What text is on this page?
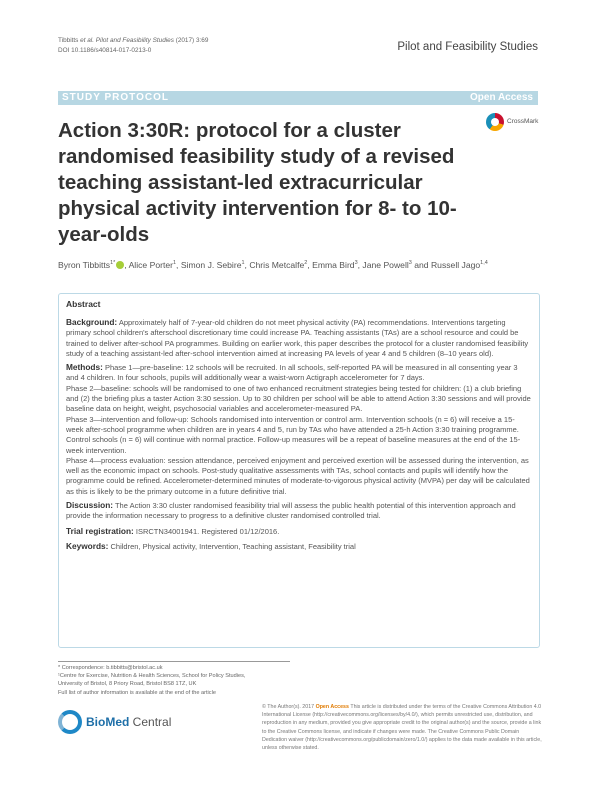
Tibbitts et al. Pilot and Feasibility Studies (2017) 3:69
DOI 10.1186/s40814-017-0213-0	Pilot and Feasibility Studies
STUDY PROTOCOL	Open Access
Action 3:30R: protocol for a cluster randomised feasibility study of a revised teaching assistant-led extracurricular physical activity intervention for 8- to 10-year-olds
CrossMark
Byron Tibbitts$^{1*}$ , Alice Porter$^1$, Simon J. Sebire$^1$, Chris Metcalfe$^2$, Emma Bird$^3$, Jane Powell$^3$ and Russell Jago$^{1,4}$
Abstract

Background: Approximately half of 7-year-old children do not meet physical activity (PA) recommendations. Interventions targeting primary school children's afterschool discretionary time could increase PA. Teaching assistants (TAs) are a school resource and could be trained to deliver after-school PA programmes. Building on earlier work, this paper describes the protocol for a cluster randomised feasibility study of a teaching assistant-led after-school intervention aimed at increasing PA levels of year 4 and 5 children (8–10 years old).

Methods: Phase 1—pre-baseline: 12 schools will be recruited. In all schools, self-reported PA will be measured in all consenting year 3 and 4 children. In four schools, pupils will additionally wear a waist-worn Actigraph accelerometer for 7 days.

Phase 2—baseline: schools will be randomised to one of two enhanced recruitment strategies being tested for children: (1) a club briefing and (2) the briefing plus a taster Action 3:30 session. Up to 30 children per school will be able to attend Action 3:30 sessions and will provide baseline data on height, weight, psychosocial variables and accelerometer-measured PA.

Phase 3—intervention and follow-up: Schools randomised into intervention or control arm. Intervention schools (n = 6) will receive a 15-week after-school programme when children are in years 4 and 5, run by TAs who have attended a 25-h Action 3:30 training programme. Control schools (n = 6) will continue with normal practice. Follow-up measures will be a repeat of baseline measures at the end of the 15-week intervention.

Phase 4—process evaluation: session attendance, perceived enjoyment and perceived exertion will be assessed during the intervention, as well as the economic impact on schools. Post-study qualitative assessments with TAs, school contacts and pupils will identify how the programme could be refined. Accelerometer-determined minutes of moderate-to-vigorous physical activity (MVPA) per day will be calculated as this is likely to be the primary outcome in a future definitive trial.

Discussion: The Action 3:30 cluster randomised feasibility trial will assess the public health potential of this intervention approach and provide the information necessary to progress to a definitive cluster randomised controlled trial.

Trial registration: ISRCTN34001941. Registered 01/12/2016.

Keywords: Children, Physical activity, Intervention, Teaching assistant, Feasibility trial

* Correspondence: b.tibbitts@bristol.ac.uk
¹Centre for Exercise, Nutrition & Health Sciences, School for Policy Studies,
University of Bristol, 8 Priory Road, Bristol BS8 1TZ, UK
Full list of author information is available at the end of the article
BioMed Central
© The Author(s). 2017 Open Access This article is distributed under the terms of the Creative Commons Attribution 4.0 International License (http://creativecommons.org/licenses/by/4.0/), which permits unrestricted use, distribution, and reproduction in any medium, provided you give appropriate credit to the original author(s) and the source, provide a link to the Creative Commons license, and indicate if changes were made. The Creative Commons Public Domain Dedication waiver (http://creativecommons.org/publicdomain/zero/1.0/) applies to the data made available in this article, unless otherwise stated.
